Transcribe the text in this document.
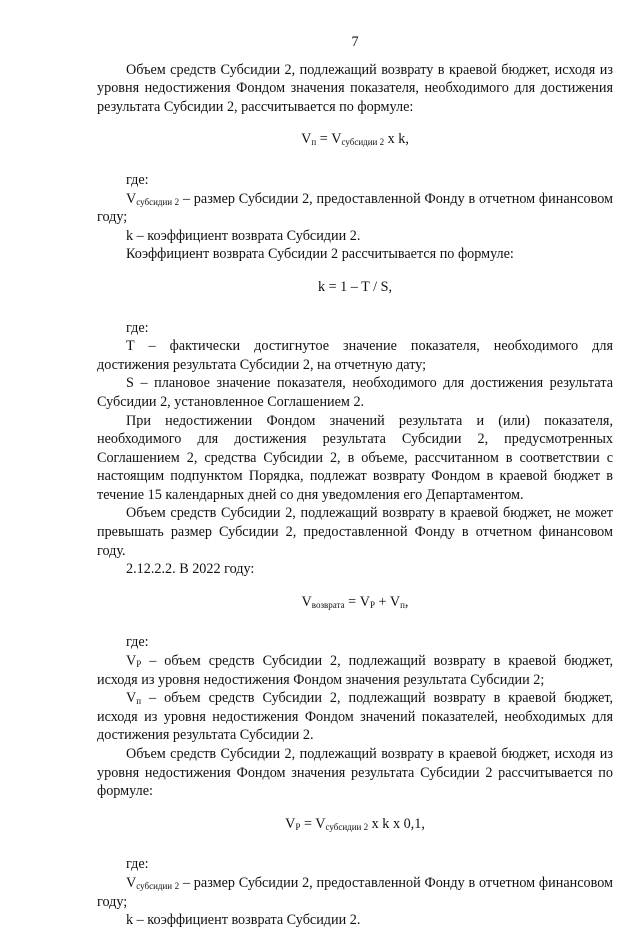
7

Объем средств Субсидии 2, подлежащий возврату в краевой бюджет, исходя из уровня недостижения Фондом значения показателя, необходимого для достижения результата Субсидии 2, рассчитывается по формуле:

$V_п = V_{субсидии 2}$ x k,

где:

$V_{субсидии 2}$ – размер Субсидии 2, предоставленной Фонду в отчетном финансовом году;

k – коэффициент возврата Субсидии 2.

Коэффициент возврата Субсидии 2 рассчитывается по формуле:

k = 1 – T / S,

где:

T – фактически достигнутое значение показателя, необходимого для достижения результата Субсидии 2, на отчетную дату;

S – плановое значение показателя, необходимого для достижения результата Субсидии 2, установленное Соглашением 2.

При недостижении Фондом значений результата и (или) показателя, необходимого для достижения результата Субсидии 2, предусмотренных Соглашением 2, средства Субсидии 2, в объеме, рассчитанном в соответствии с настоящим подпунктом Порядка, подлежат возврату Фондом в краевой бюджет в течение 15 календарных дней со дня уведомления его Департаментом.

Объем средств Субсидии 2, подлежащий возврату в краевой бюджет, не может превышать размер Субсидии 2, предоставленной Фонду в отчетном финансовом году.

2.12.2.2. В 2022 году:

$V_{возврата} = V_P + V_п$,

где:

$V_P$ – объем средств Субсидии 2, подлежащий возврату в краевой бюджет, исходя из уровня недостижения Фондом значения результата Субсидии 2;

$V_п$ – объем средств Субсидии 2, подлежащий возврату в краевой бюджет, исходя из уровня недостижения Фондом значений показателей, необходимых для достижения результата Субсидии 2.

Объем средств Субсидии 2, подлежащий возврату в краевой бюджет, исходя из уровня недостижения Фондом значения результата Субсидии 2 рассчитывается по формуле:

$V_P = V_{субсидии 2}$ x k x 0,1,

где:

$V_{субсидии 2}$ – размер Субсидии 2, предоставленной Фонду в отчетном финансовом году;

k – коэффициент возврата Субсидии 2.
